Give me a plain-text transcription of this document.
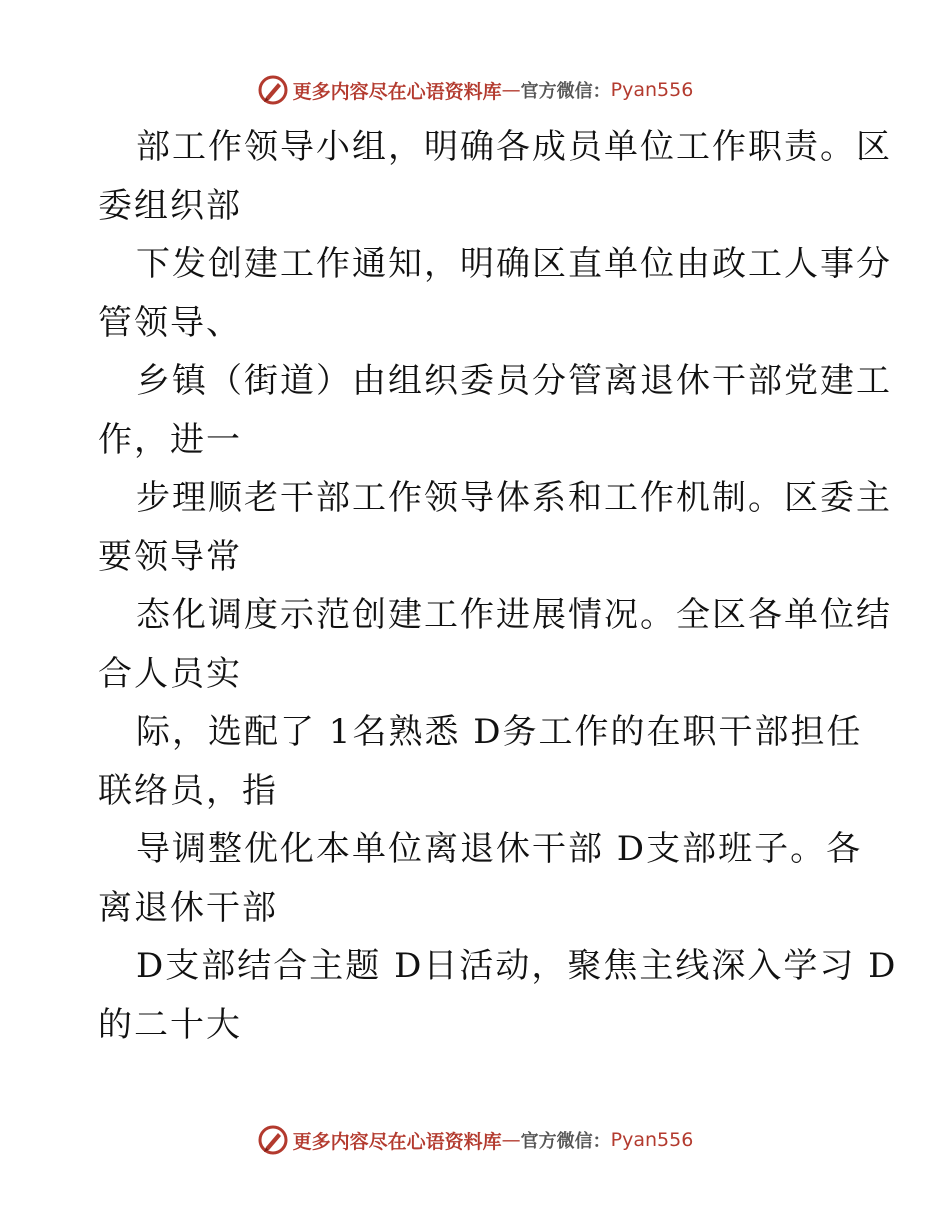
更多内容尽在心语资料库 — 官方微信： Pyan556
部工作领导小组，明确各成员单位工作职责。区
委组织部
下发创建工作通知，明确区直单位由政工人事分
管领导、
乡镇（街道）由组织委员分管离退休干部党建工
作，进一
步理顺老干部工作领导体系和工作机制。区委主
要领导常
态化调度示范创建工作进展情况。全区各单位结
合人员实
际，选配了 1名熟悉 D务工作的在职干部担任
联络员，指
导调整优化本单位离退休干部 D支部班子。各
离退休干部
D支部结合主题 D日活动，聚焦主线深入学习 D
的二十大
更多内容尽在心语资料库 — 官方微信： Pyan556
